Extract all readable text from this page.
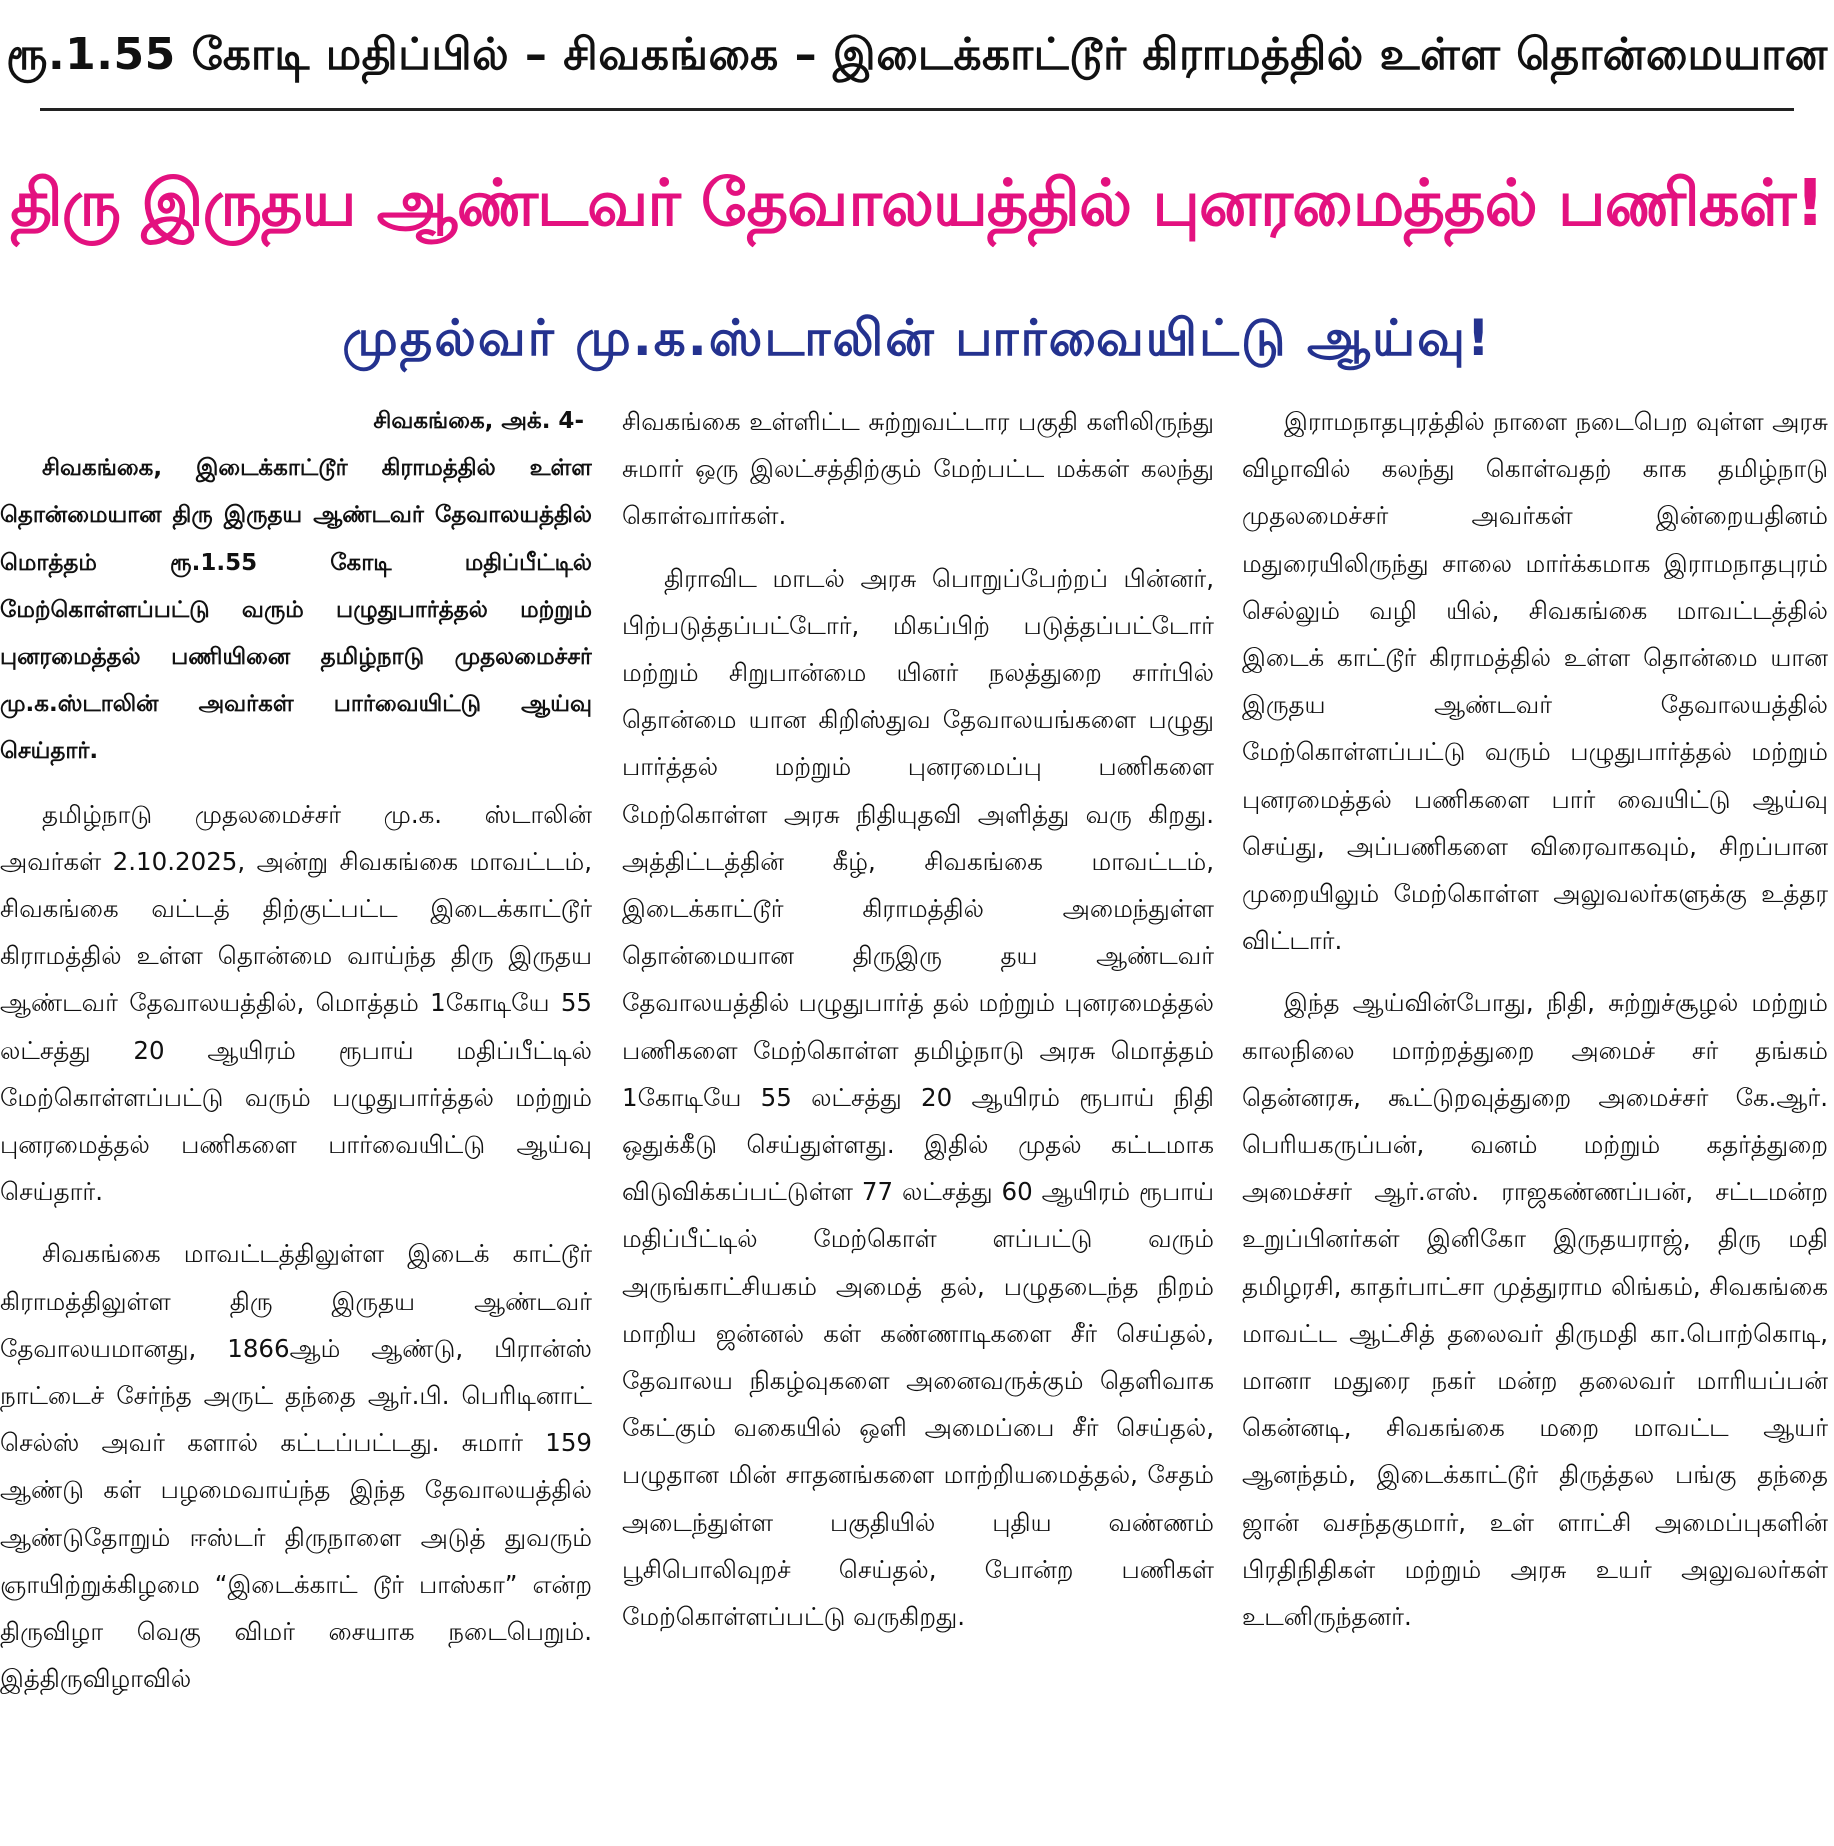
ரூ.1.55 கோடி மதிப்பில் – சிவகங்கை – இடைக்காட்டூர் கிராமத்தில் உள்ள தொன்மையான
திரு இருதய ஆண்டவர் தேவாலயத்தில் புனரமைத்தல் பணிகள்!
முதல்வர் மு.க.ஸ்டாலின் பார்வையிட்டு ஆய்வு!
சிவகங்கை, அக். 4-

சிவகங்கை, இடைக்காட்டூர் கிராமத்தில் உள்ள தொன்மையான திரு இருதய ஆண்டவர் தேவாலயத்தில் மொத்தம் ரூ.1.55 கோடி மதிப்பீட்டில் மேற்கொள்ளப்பட்டு வரும் பழுதுபார்த்தல் மற்றும் புனரமைத்தல் பணியினை தமிழ்நாடு முதலமைச்சர் மு.க.ஸ்டாலின் அவர்கள் பார்வையிட்டு ஆய்வு செய்தார்.

தமிழ்நாடு முதலமைச்சர் மு.க. ஸ்டாலின் அவர்கள் 2.10.2025, அன்று சிவகங்கை மாவட்டம், சிவகங்கை வட்டத் திற்குட்பட்ட இடைக்காட்டூர் கிராமத்தில் உள்ள தொன்மை வாய்ந்த திரு இருதய ஆண்டவர் தேவாலயத்தில், மொத்தம் 1கோடியே 55 லட்சத்து 20 ஆயிரம் ரூபாய் மதிப்பீட்டில் மேற்கொள்ளப்பட்டு வரும் பழுதுபார்த்தல் மற்றும் புனரமைத்தல் பணிகளை பார்வையிட்டு ஆய்வு செய்தார்.

சிவகங்கை மாவட்டத்திலுள்ள இடைக் காட்டூர் கிராமத்திலுள்ள திரு இருதய ஆண்டவர் தேவாலயமானது, 1866ஆம் ஆண்டு, பிரான்ஸ் நாட்டைச் சேர்ந்த அருட் தந்தை ஆர்.பி. பெரிடினாட் செல்ஸ் அவர் களால் கட்டப்பட்டது. சுமார் 159 ஆண்டு கள் பழமைவாய்ந்த இந்த தேவாலயத்தில் ஆண்டுதோறும் ஈஸ்டர் திருநாளை அடுத் துவரும் ஞாயிற்றுக்கிழமை “இடைக்காட் டூர் பாஸ்கா” என்ற திருவிழா வெகு விமர் சையாக நடைபெறும். இத்திருவிழாவில்

சிவகங்கை உள்ளிட்ட சுற்றுவட்டார பகுதி களிலிருந்து சுமார் ஒரு இலட்சத்திற்கும் மேற்பட்ட மக்கள் கலந்து கொள்வார்கள்.

திராவிட மாடல் அரசு பொறுப்பேற்றப் பின்னர், பிற்படுத்தப்பட்டோர், மிகப்பிற் படுத்தப்பட்டோர் மற்றும் சிறுபான்மை யினர் நலத்துறை சார்பில் தொன்மை யான கிறிஸ்துவ தேவாலயங்களை பழுது பார்த்தல் மற்றும் புனரமைப்பு பணிகளை மேற்கொள்ள அரசு நிதியுதவி அளித்து வரு கிறது. அத்திட்டத்தின் கீழ், சிவகங்கை மாவட்டம், இடைக்காட்டூர் கிராமத்தில் அமைந்துள்ள தொன்மையான திருஇரு தய ஆண்டவர் தேவாலயத்தில் பழுதுபார்த் தல் மற்றும் புனரமைத்தல் பணிகளை மேற்கொள்ள தமிழ்நாடு அரசு மொத்தம் 1கோடியே 55 லட்சத்து 20 ஆயிரம் ரூபாய் நிதி ஒதுக்கீடு செய்துள்ளது. இதில் முதல் கட்டமாக விடுவிக்கப்பட்டுள்ள 77 லட்சத்து 60 ஆயிரம் ரூபாய் மதிப்பீட்டில் மேற்கொள் ளப்பட்டு வரும் அருங்காட்சியகம் அமைத் தல், பழுதடைந்த நிறம் மாறிய ஜன்னல் கள் கண்ணாடிகளை சீர் செய்தல், தேவாலய நிகழ்வுகளை அனைவருக்கும் தெளிவாக கேட்கும் வகையில் ஒளி அமைப்பை சீர் செய்தல், பழுதான மின் சாதனங்களை மாற்றியமைத்தல், சேதம் அடைந்துள்ள பகுதியில் புதிய வண்ணம் பூசிபொலிவுறச் செய்தல், போன்ற பணிகள் மேற்கொள்ளப்பட்டு வருகிறது.

இராமநாதபுரத்தில் நாளை நடைபெற வுள்ள அரசு விழாவில் கலந்து கொள்வதற் காக தமிழ்நாடு முதலமைச்சர் அவர்கள் இன்றையதினம் மதுரையிலிருந்து சாலை மார்க்கமாக இராமநாதபுரம் செல்லும் வழி யில், சிவகங்கை மாவட்டத்தில் இடைக் காட்டூர் கிராமத்தில் உள்ள தொன்மை யான இருதய ஆண்டவர் தேவாலயத்தில் மேற்கொள்ளப்பட்டு வரும் பழுதுபார்த்தல் மற்றும் புனரமைத்தல் பணிகளை பார் வையிட்டு ஆய்வு செய்து, அப்பணிகளை விரைவாகவும், சிறப்பான முறையிலும் மேற்கொள்ள அலுவலர்களுக்கு உத்தர விட்டார்.

இந்த ஆய்வின்போது, நிதி, சுற்றுச்சூழல் மற்றும் காலநிலை மாற்றத்துறை அமைச் சர் தங்கம் தென்னரசு, கூட்டுறவுத்துறை அமைச்சர் கே.ஆர். பெரியகருப்பன், வனம் மற்றும் கதர்த்துறை அமைச்சர் ஆர்.எஸ். ராஜகண்ணப்பன், சட்டமன்ற உறுப்பினர்கள் இனிகோ இருதயராஜ், திரு மதி தமிழரசி, காதர்பாட்சா முத்துராம லிங்கம், சிவகங்கை மாவட்ட ஆட்சித் தலைவர் திருமதி கா.பொற்கொடி, மானா மதுரை நகர் மன்ற தலைவர் மாரியப்பன் கென்னடி, சிவகங்கை மறை மாவட்ட ஆயர் ஆனந்தம், இடைக்காட்டூர் திருத்தல பங்கு தந்தை ஜான் வசந்தகுமார், உள் ளாட்சி அமைப்புகளின் பிரதிநிதிகள் மற்றும் அரசு உயர் அலுவலர்கள் உடனிருந்தனர்.
